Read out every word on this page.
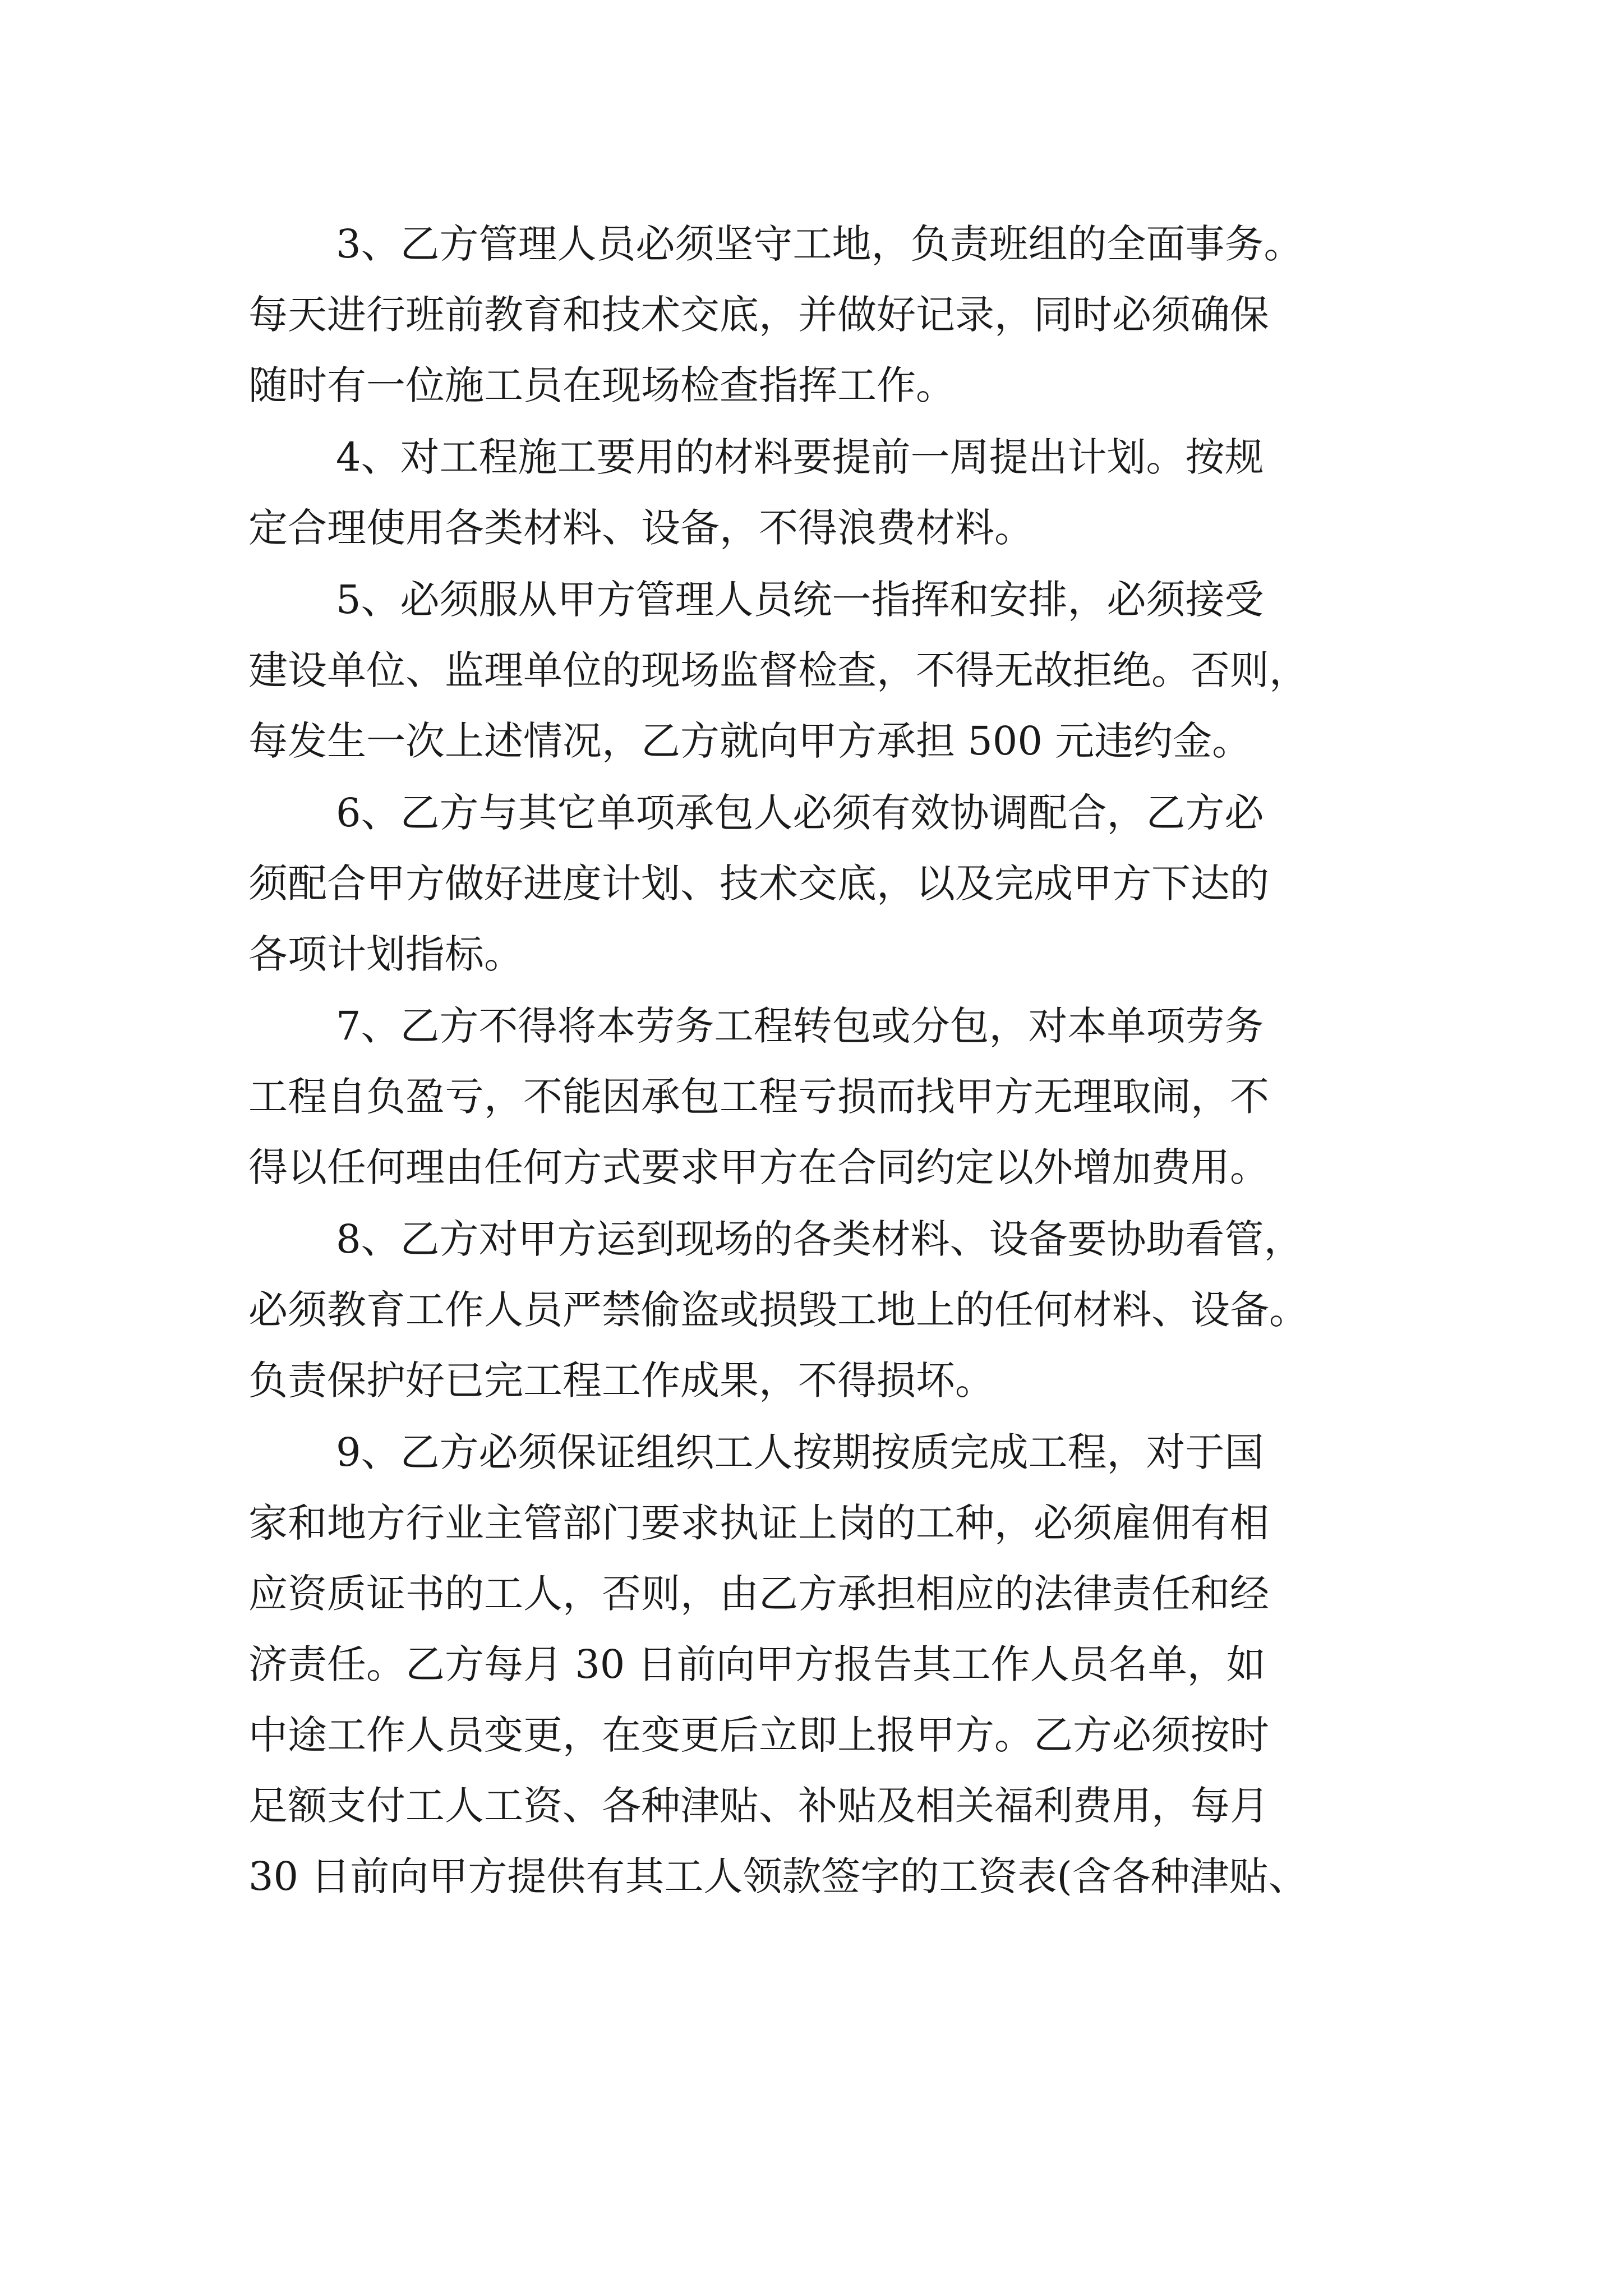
3、乙方管理人员必须坚守工地，负责班组的全面事务。
每天进行班前教育和技术交底，并做好记录，同时必须确保
随时有一位施工员在现场检查指挥工作。
4、对工程施工要用的材料要提前一周提出计划。按规
定合理使用各类材料、设备，不得浪费材料。
5、必须服从甲方管理人员统一指挥和安排，必须接受
建设单位、监理单位的现场监督检查，不得无故拒绝。否则，
每发生一次上述情况，乙方就向甲方承担 500 元违约金。
6、乙方与其它单项承包人必须有效协调配合，乙方必
须配合甲方做好进度计划、技术交底，以及完成甲方下达的
各项计划指标。
7、乙方不得将本劳务工程转包或分包，对本单项劳务
工程自负盈亏，不能因承包工程亏损而找甲方无理取闹，不
得以任何理由任何方式要求甲方在合同约定以外增加费用。
8、乙方对甲方运到现场的各类材料、设备要协助看管，
必须教育工作人员严禁偷盗或损毁工地上的任何材料、设备。
负责保护好已完工程工作成果，不得损坏。
9、乙方必须保证组织工人按期按质完成工程，对于国
家和地方行业主管部门要求执证上岗的工种，必须雇佣有相
应资质证书的工人，否则，由乙方承担相应的法律责任和经
济责任。乙方每月 30 日前向甲方报告其工作人员名单，如
中途工作人员变更，在变更后立即上报甲方。乙方必须按时
足额支付工人工资、各种津贴、补贴及相关福利费用，每月
30 日前向甲方提供有其工人领款签字的工资表(含各种津贴、
